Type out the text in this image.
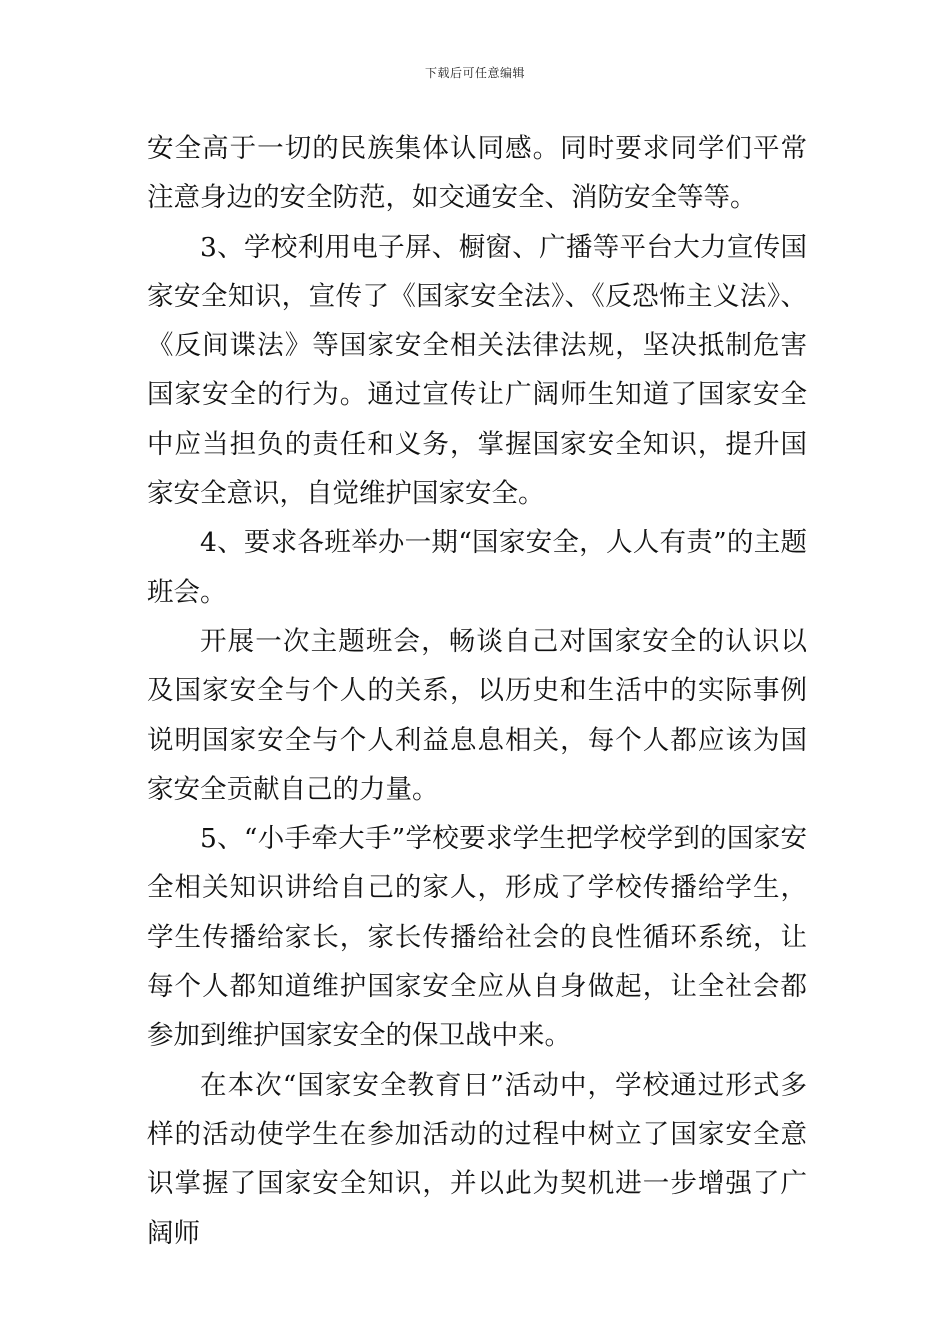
下载后可任意编辑

安全高于一切的民族集体认同感。同时要求同学们平常注意身边的安全防范，如交通安全、消防安全等等。

3、学校利用电子屏、橱窗、广播等平台大力宣传国家安全知识，宣传了《国家安全法》、《反恐怖主义法》、《反间谍法》等国家安全相关法律法规，坚决抵制危害国家安全的行为。通过宣传让广阔师生知道了国家安全中应当担负的责任和义务，掌握国家安全知识，提升国家安全意识，自觉维护国家安全。

4、要求各班举办一期“国家安全，人人有责”的主题班会。

开展一次主题班会，畅谈自己对国家安全的认识以及国家安全与个人的关系，以历史和生活中的实际事例说明国家安全与个人利益息息相关，每个人都应该为国家安全贡献自己的力量。

5、“小手牵大手”学校要求学生把学校学到的国家安全相关知识讲给自己的家人，形成了学校传播给学生，学生传播给家长，家长传播给社会的良性循环系统，让每个人都知道维护国家安全应从自身做起，让全社会都参加到维护国家安全的保卫战中来。

在本次“国家安全教育日”活动中，学校通过形式多样的活动使学生在参加活动的过程中树立了国家安全意识掌握了国家安全知识，并以此为契机进一步增强了广阔师
